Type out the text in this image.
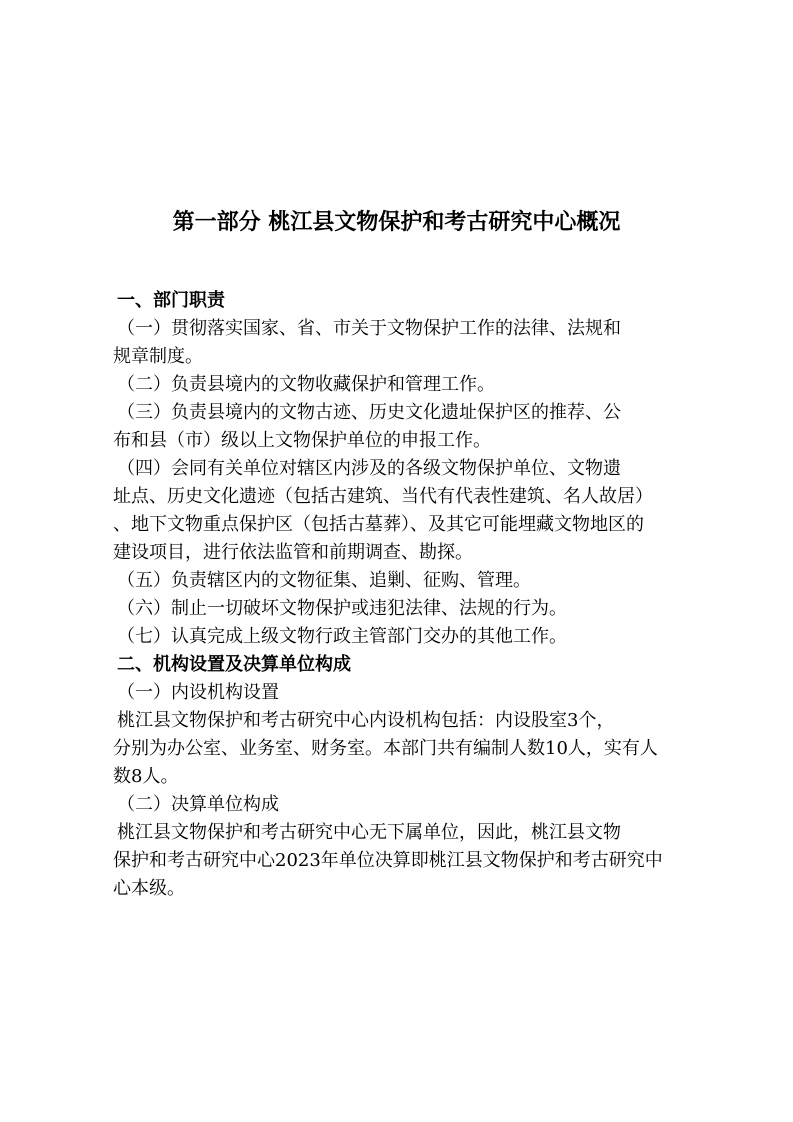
第一部分 桃江县文物保护和考古研究中心概况

一、部门职责

（一）贯彻落实国家、省、市关于文物保护工作的法律、法规和

规章制度。

（二）负责县境内的文物收藏保护和管理工作。

（三）负责县境内的文物古迹、历史文化遗址保护区的推荐、公

布和县（市）级以上文物保护单位的申报工作。

（四）会同有关单位对辖区内涉及的各级文物保护单位、文物遗

址点、历史文化遗迹（包括古建筑、当代有代表性建筑、名人故居）

、地下文物重点保护区（包括古墓葬）、及其它可能埋藏文物地区的

建设项目，进行依法监管和前期调查、勘探。

（五）负责辖区内的文物征集、追剿、征购、管理。

（六）制止一切破坏文物保护或违犯法律、法规的行为。

（七）认真完成上级文物行政主管部门交办的其他工作。

二、机构设置及决算单位构成

（一）内设机构设置

桃江县文物保护和考古研究中心内设机构包括：内设股室3个，

分别为办公室、业务室、财务室。本部门共有编制人数10人，实有人

数8人。

（二）决算单位构成

桃江县文物保护和考古研究中心无下属单位，因此，桃江县文物

保护和考古研究中心2023年单位决算即桃江县文物保护和考古研究中

心本级。
